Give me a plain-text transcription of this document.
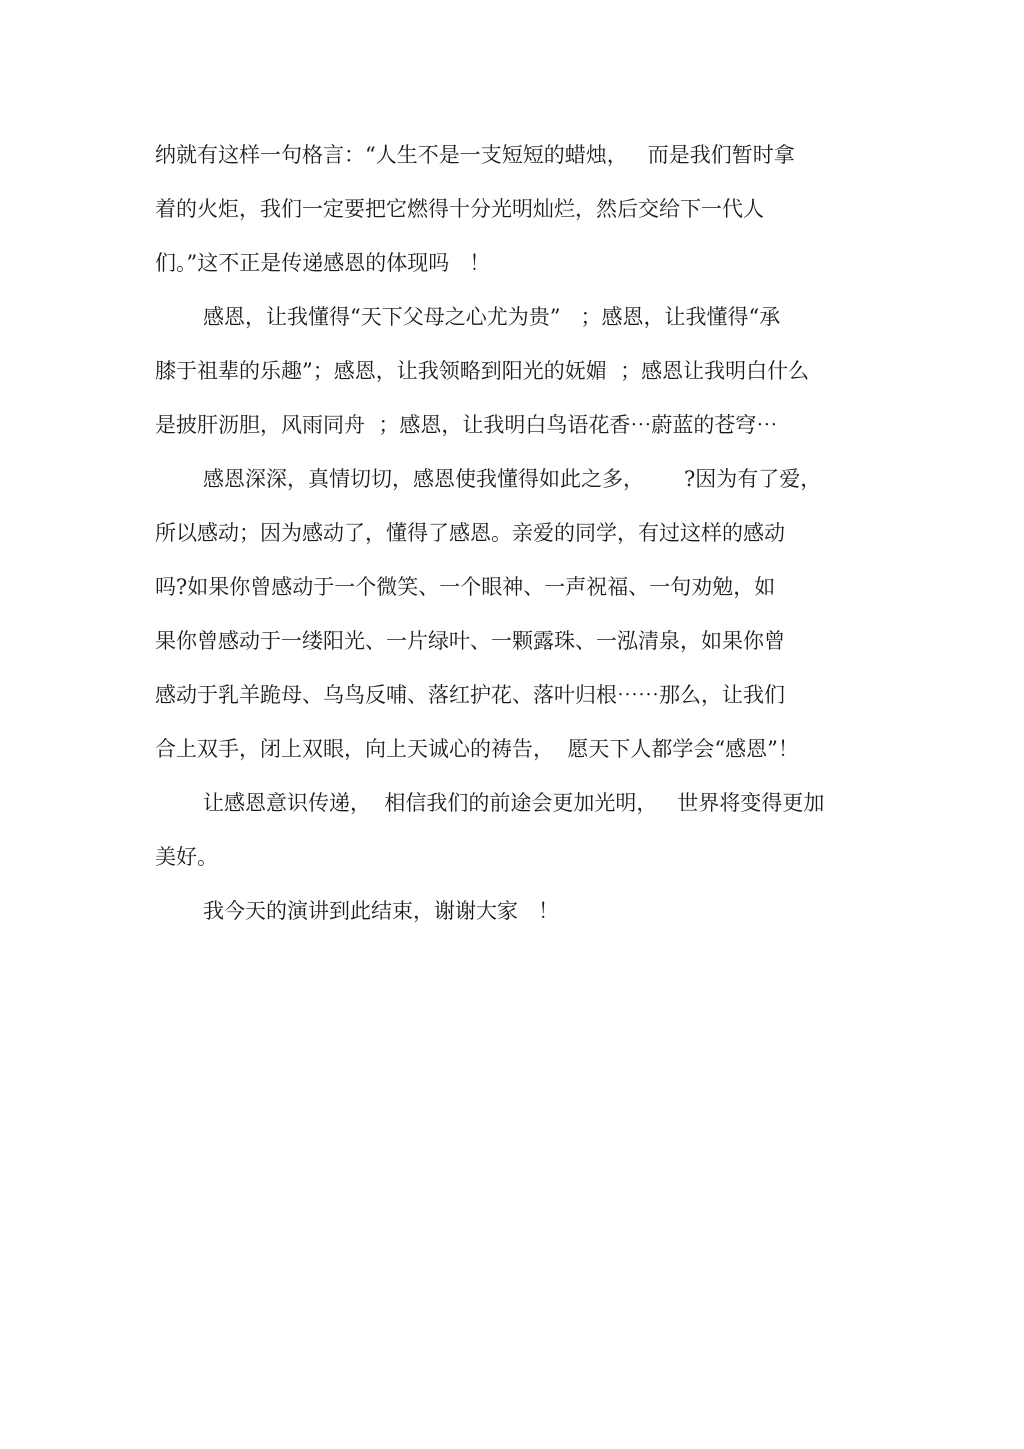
纳就有这样一句格言：“人生不是一支短短的蜡烛，   而是我们暂时拿
着的火炬，我们一定要把它燃得十分光明灿烂，然后交给下一代人
们。”这不正是传递感恩的体现吗   ！
感恩，让我懂得“天下父母之心尤为贵”   ；感恩，让我懂得“承
膝于祖辈的乐趣”；感恩，让我领略到阳光的妩媚  ；感恩让我明白什么
是披肝沥胆，风雨同舟  ；感恩，让我明白鸟语花香⋯蔚蓝的苍穹⋯
感恩深深，真情切切，感恩使我懂得如此之多，      ?因为有了爱，
所以感动；因为感动了，懂得了感恩。亲爱的同学，有过这样的感动
吗?如果你曾感动于一个微笑、一个眼神、一声祝福、一句劝勉，如
果你曾感动于一缕阳光、一片绿叶、一颗露珠、一泓清泉，如果你曾
感动于乳羊跪母、乌鸟反哺、落红护花、落叶归根⋯⋯那么，让我们
合上双手，闭上双眼，向上天诚心的祷告，  愿天下人都学会“感恩”！
让感恩意识传递，  相信我们的前途会更加光明，   世界将变得更加
美好。
我今天的演讲到此结束，谢谢大家   ！
